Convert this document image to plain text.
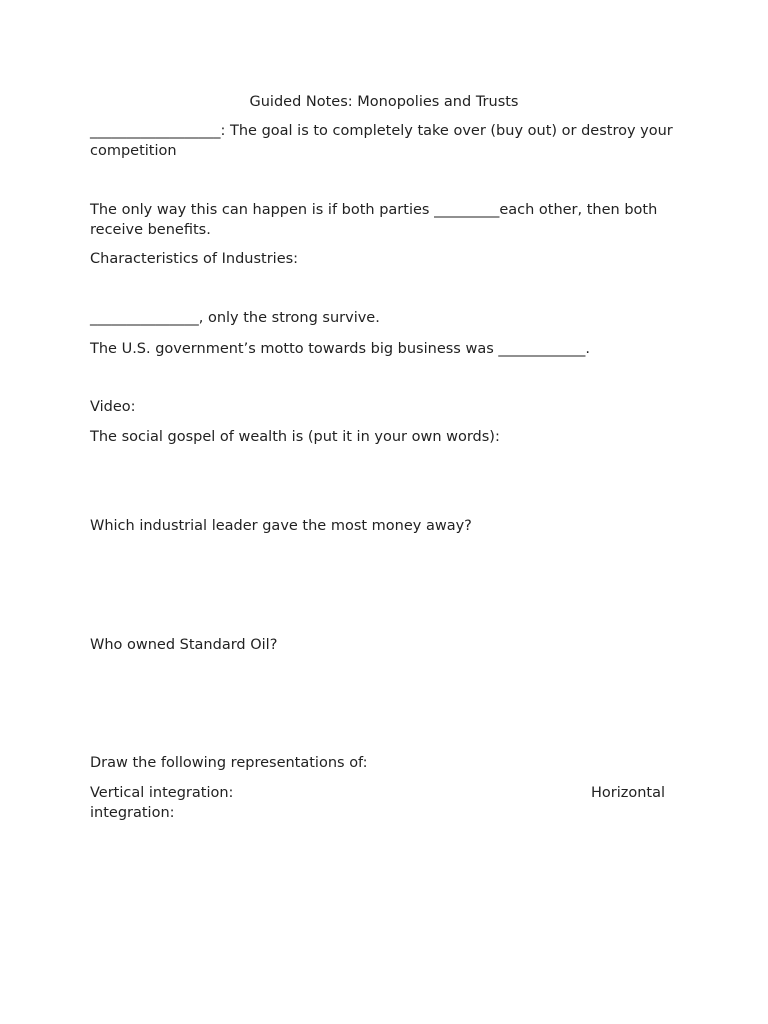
Guided Notes: Monopolies and Trusts
__________________: The goal is to completely take over (buy out) or destroy your competition
The only way this can happen is if both parties _________each other, then both receive benefits.
Characteristics of Industries:
_______________, only the strong survive.
The U.S. government’s motto towards big business was ____________.
Video:
The social gospel of wealth is (put it in your own words):
Which industrial leader gave the most money away?
Who owned Standard Oil?
Draw the following representations of:
Vertical integration:	Horizontal
integration:
